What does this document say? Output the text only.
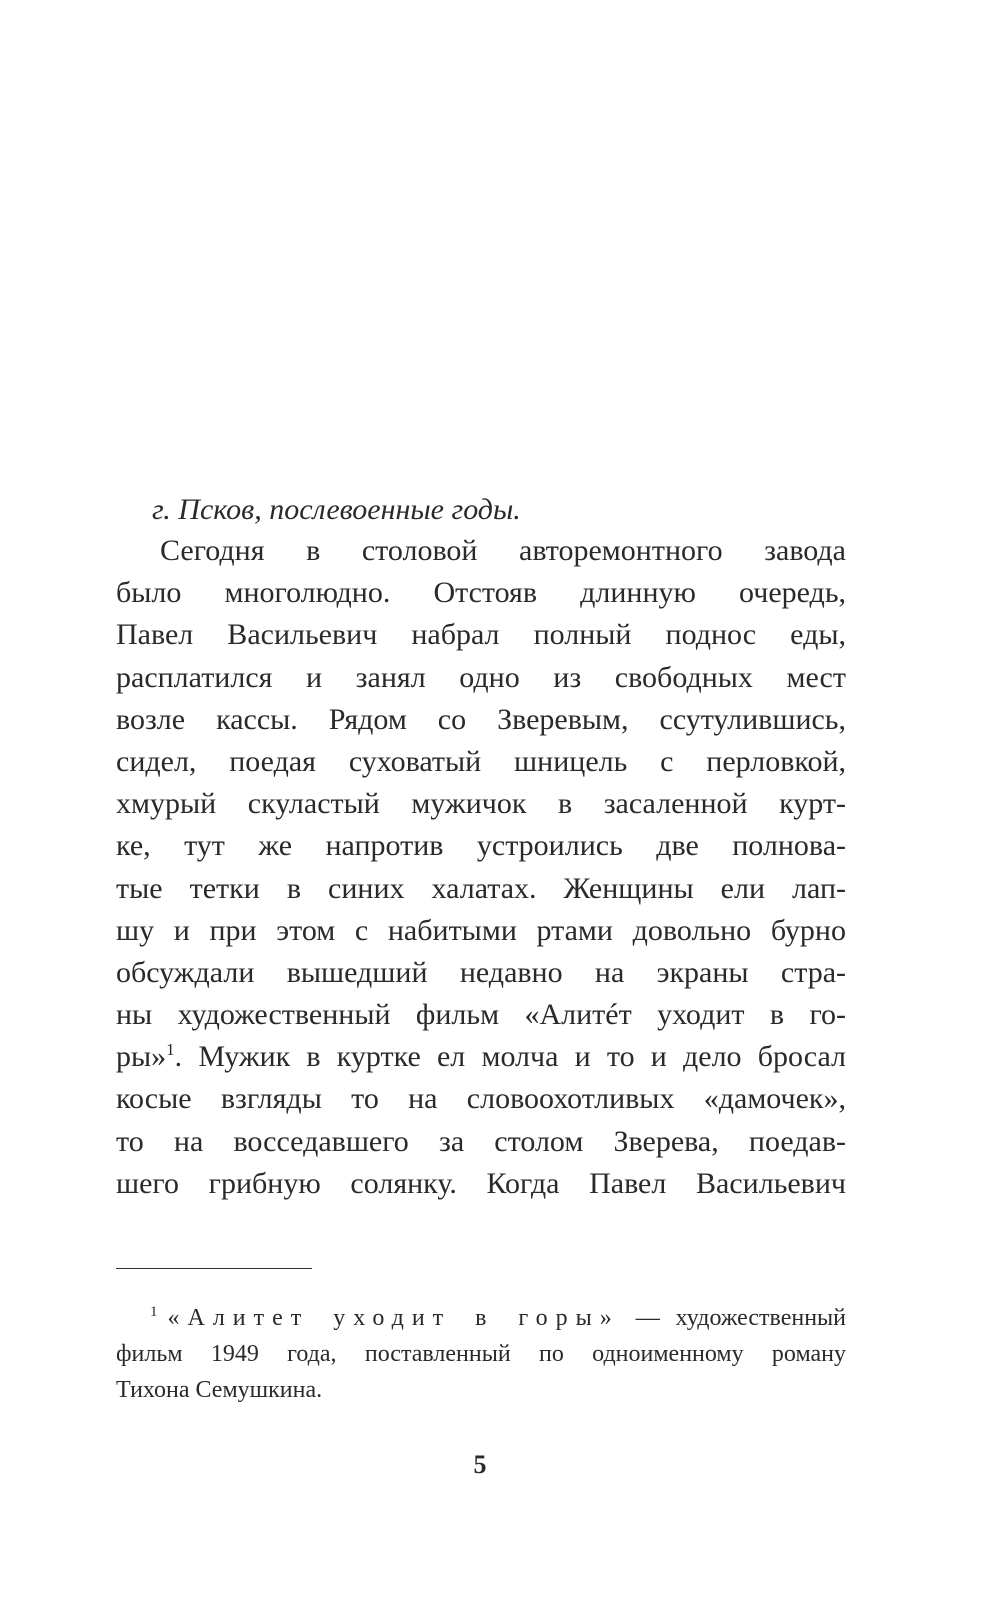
г. Псков, послевоенные годы.

Сегодня в столовой авторемонтного завода
было многолюдно. Отстояв длинную очередь,
Павел Васильевич набрал полный поднос еды,
расплатился и занял одно из свободных мест
возле кассы. Рядом со Зверевым, ссутулившись,
сидел, поедая суховатый шницель с перловкой,
хмурый скуластый мужичок в засаленной курт-
ке, тут же напротив устроились две полнова-
тые тетки в синих халатах. Женщины ели лап-
шу и при этом с набитыми ртами довольно бурно
обсуждали вышедший недавно на экраны стра-
ны художественный фильм «Алитéт уходит в го-
ры»$^1$. Мужик в куртке ел молча и то и дело бросал
косые взгляды то на словоохотливых «дамочек»,
то на восседавшего за столом Зверева, поедав-
шего грибную солянку. Когда Павел Васильевич
$^1$ «Алитет уходит в горы» — художественный
фильм 1949 года, поставленный по одноименному роману
Тихона Семушкина.

5
